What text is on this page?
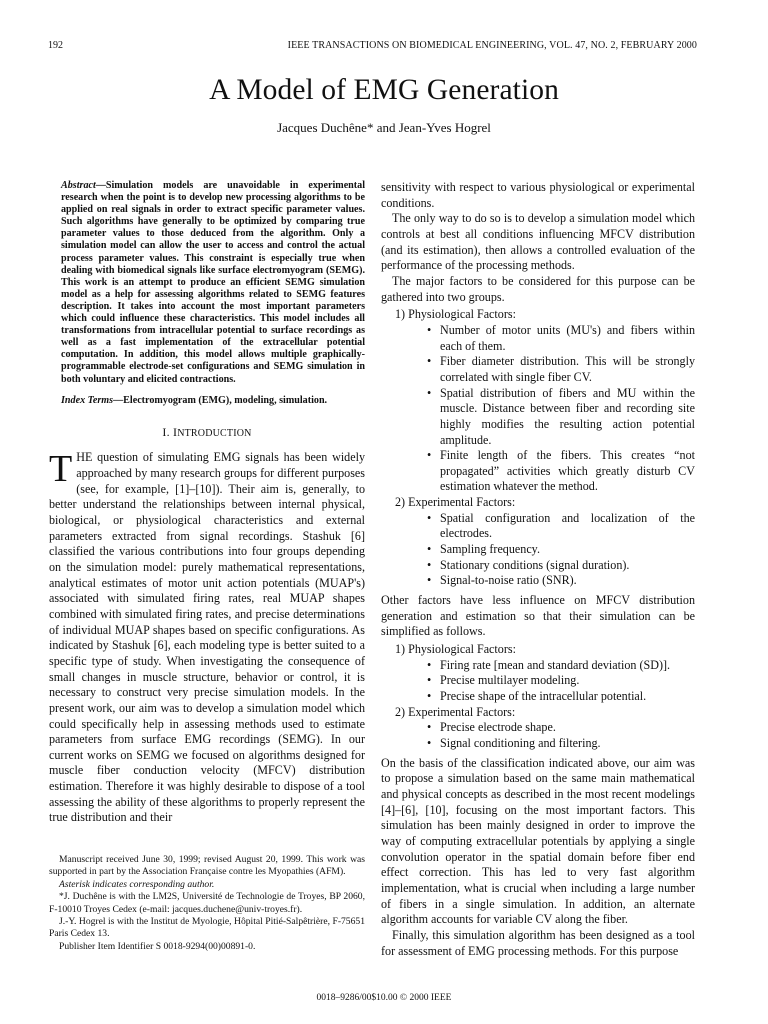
192	IEEE TRANSACTIONS ON BIOMEDICAL ENGINEERING, VOL. 47, NO. 2, FEBRUARY 2000
A Model of EMG Generation
Jacques Duchêne* and Jean-Yves Hogrel

Abstract—Simulation models are unavoidable in experimental research when the point is to develop new processing algorithms to be applied on real signals in order to extract specific parameter values. Such algorithms have generally to be optimized by comparing true parameter values to those deduced from the algorithm. Only a simulation model can allow the user to access and control the actual process parameter values. This constraint is especially true when dealing with biomedical signals like surface electromyogram (SEMG). This work is an attempt to produce an efficient SEMG simulation model as a help for assessing algorithms related to SEMG features description. It takes into account the most important parameters which could influence these characteristics. This model includes all transformations from intracellular potential to surface recordings as well as a fast implementation of the extracellular potential computation. In addition, this model allows multiple graphically-programmable electrode-set configurations and SEMG simulation in both voluntary and elicited contractions.

Index Terms—Electromyogram (EMG), modeling, simulation.

I. INTRODUCTION

THE question of simulating EMG signals has been widely approached by many research groups for different purposes (see, for example, [1]–[10]). Their aim is, generally, to better understand the relationships between internal physical, biological, or physiological characteristics and external parameters extracted from signal recordings. Stashuk [6] classified the various contributions into four groups depending on the simulation model: purely mathematical representations, analytical estimates of motor unit action potentials (MUAP's) associated with simulated firing rates, real MUAP shapes combined with simulated firing rates, and precise determinations of individual MUAP shapes based on specific configurations. As indicated by Stashuk [6], each modeling type is better suited to a specific type of study. When investigating the consequence of small changes in muscle structure, behavior or control, it is necessary to construct very precise simulation models. In the present work, our aim was to develop a simulation model which could specifically help in assessing methods used to estimate parameters from surface EMG recordings (SEMG). In our current works on SEMG we focused on algorithms designed for muscle fiber conduction velocity (MFCV) distribution estimation. Therefore it was highly desirable to dispose of a tool assessing the ability of these algorithms to properly represent the true distribution and their

Manuscript received June 30, 1999; revised August 20, 1999. This work was supported in part by the Association Française contre les Myopathies (AFM).

Asterisk indicates corresponding author.

*J. Duchêne is with the LM2S, Université de Technologie de Troyes, BP 2060, F-10010 Troyes Cedex (e-mail: jacques.duchene@univ-troyes.fr).

J.-Y. Hogrel is with the Institut de Myologie, Hôpital Pitié-Salpêtrière, F-75651 Paris Cedex 13.

Publisher Item Identifier S 0018-9294(00)00891-0.

sensitivity with respect to various physiological or experimental conditions.

The only way to do so is to develop a simulation model which controls at best all conditions influencing MFCV distribution (and its estimation), then allows a controlled evaluation of the performance of the processing methods.

The major factors to be considered for this purpose can be gathered into two groups.

1) Physiological Factors:
• Number of motor units (MU's) and fibers within each of them.
• Fiber diameter distribution. This will be strongly correlated with single fiber CV.
• Spatial distribution of fibers and MU within the muscle. Distance between fiber and recording site highly modifies the resulting action potential amplitude.
• Finite length of the fibers. This creates “not propagated” activities which greatly disturb CV estimation whatever the method.
2) Experimental Factors:
• Spatial configuration and localization of the electrodes.
• Sampling frequency.
• Stationary conditions (signal duration).
• Signal-to-noise ratio (SNR).

Other factors have less influence on MFCV distribution generation and estimation so that their simulation can be simplified as follows.

1) Physiological Factors:
• Firing rate [mean and standard deviation (SD)].
• Precise multilayer modeling.
• Precise shape of the intracellular potential.
2) Experimental Factors:
• Precise electrode shape.
• Signal conditioning and filtering.

On the basis of the classification indicated above, our aim was to propose a simulation based on the same main mathematical and physical concepts as described in the most recent modelings [4]–[6], [10], focusing on the most important factors. This simulation has been mainly designed in order to improve the way of computing extracellular potentials by applying a single convolution operator in the spatial domain before fiber end effect correction. This has led to very fast algorithm implementation, what is crucial when including a large number of fibers in a single simulation. In addition, an alternate algorithm accounts for variable CV along the fiber.

Finally, this simulation algorithm has been designed as a tool for assessment of EMG processing methods. For this purpose

0018–9286/00$10.00 © 2000 IEEE
